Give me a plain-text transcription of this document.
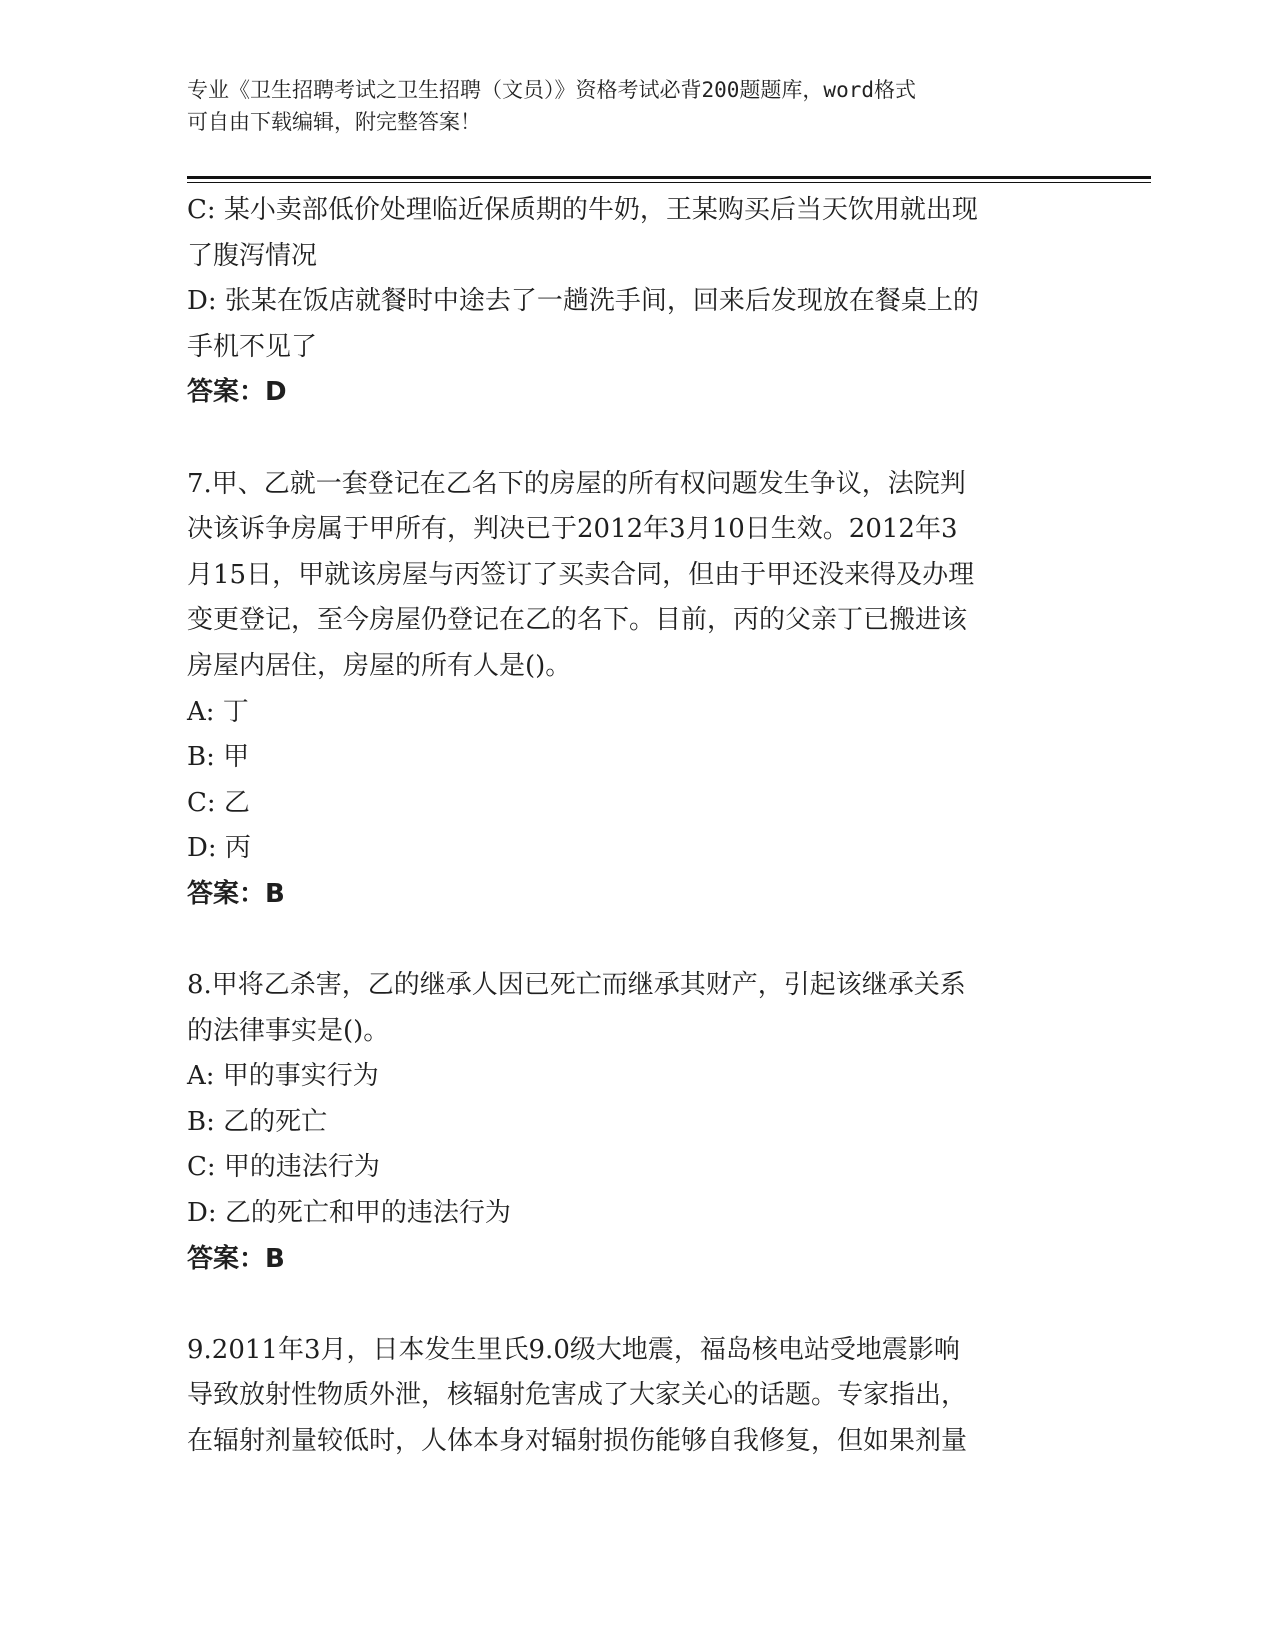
专业《卫生招聘考试之卫生招聘（文员）》资格考试必背200题题库，word格式
可自由下载编辑，附完整答案！
C: 某小卖部低价处理临近保质期的牛奶，王某购买后当天饮用就出现
了腹泻情况
D: 张某在饭店就餐时中途去了一趟洗手间，回来后发现放在餐桌上的
手机不见了
答案：D
7.甲、乙就一套登记在乙名下的房屋的所有权问题发生争议，法院判
决该诉争房属于甲所有，判决已于2012年3月10日生效。2012年3
月15日，甲就该房屋与丙签订了买卖合同，但由于甲还没来得及办理
变更登记，至今房屋仍登记在乙的名下。目前，丙的父亲丁已搬进该
房屋内居住，房屋的所有人是()。
A: 丁
B: 甲
C: 乙
D: 丙
答案：B
8.甲将乙杀害，乙的继承人因已死亡而继承其财产，引起该继承关系
的法律事实是()。
A: 甲的事实行为
B: 乙的死亡
C: 甲的违法行为
D: 乙的死亡和甲的违法行为
答案：B
9.2011年3月，日本发生里氏9.0级大地震，福岛核电站受地震影响
导致放射性物质外泄，核辐射危害成了大家关心的话题。专家指出，
在辐射剂量较低时，人体本身对辐射损伤能够自我修复，但如果剂量
